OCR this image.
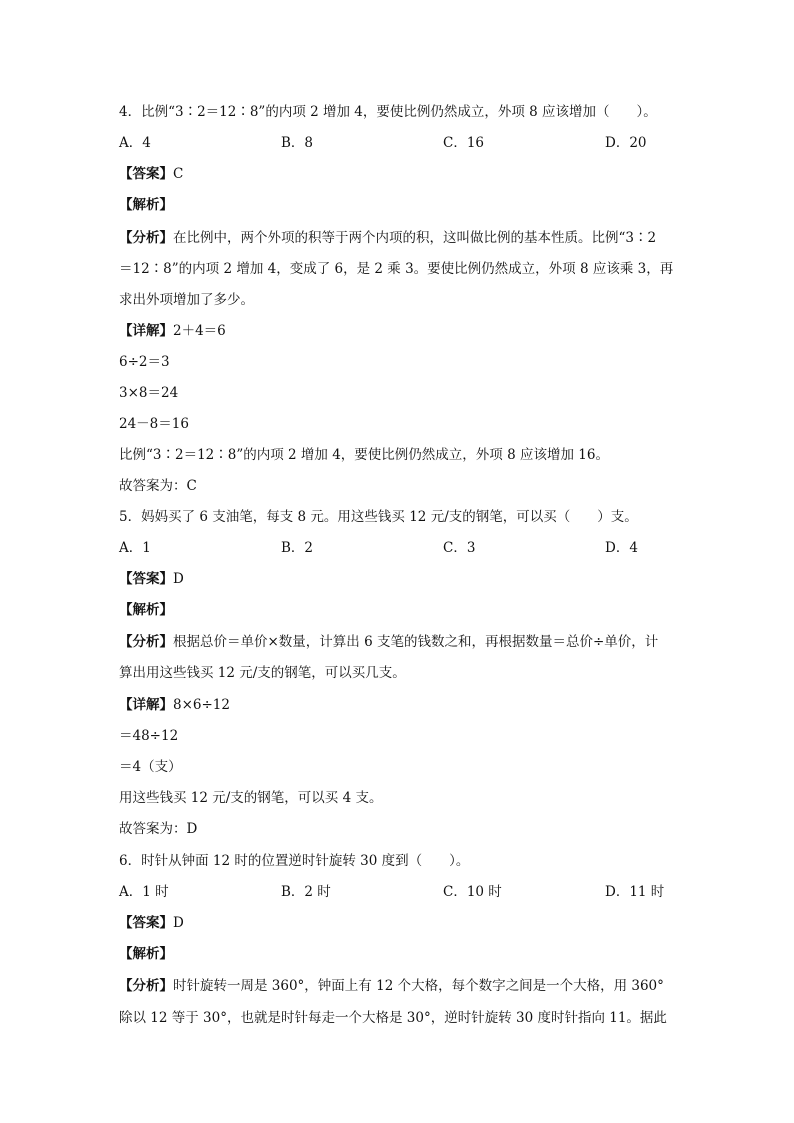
4．比例“3∶2＝12∶8”的内项 2 增加 4，要使比例仍然成立，外项 8 应该增加（　　）。
A．4	B．8	C．16	D．20
【答案】C
【解析】
【分析】在比例中，两个外项的积等于两个内项的积，这叫做比例的基本性质。比例“3∶2
＝12∶8”的内项 2 增加 4，变成了 6，是 2 乘 3。要使比例仍然成立，外项 8 应该乘 3，再
求出外项增加了多少。
【详解】2＋4＝6
6÷2＝3
3×8＝24
24－8＝16
比例“3∶2＝12∶8”的内项 2 增加 4，要使比例仍然成立，外项 8 应该增加 16。
故答案为：C
5．妈妈买了 6 支油笔，每支 8 元。用这些钱买 12 元/支的钢笔，可以买（　　）支。
A．1	B．2	C．3	D．4
【答案】D
【解析】
【分析】根据总价＝单价×数量，计算出 6 支笔的钱数之和，再根据数量＝总价÷单价，计
算出用这些钱买 12 元/支的钢笔，可以买几支。
【详解】8×6÷12
＝48÷12
＝4（支）
用这些钱买 12 元/支的钢笔，可以买 4 支。
故答案为：D
6．时针从钟面 12 时的位置逆时针旋转 30 度到（　　）。
A．1 时	B．2 时	C．10 时	D．11 时
【答案】D
【解析】
【分析】时针旋转一周是 360°，钟面上有 12 个大格，每个数字之间是一个大格，用 360°
除以 12 等于 30°，也就是时针每走一个大格是 30°，逆时针旋转 30 度时针指向 11。据此
